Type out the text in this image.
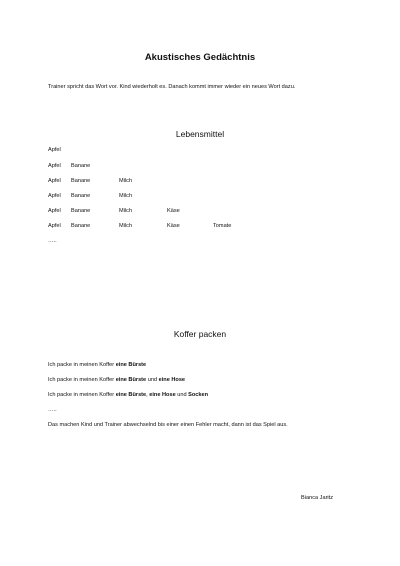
Akustisches Gedächtnis
Trainer spricht das Wort vor. Kind wiederholt es. Danach kommt immer wieder ein neues Wort dazu.
Lebensmittel
Apfel
Apfel Banane
Apfel Banane	Milch
Apfel Banane	Milch
Apfel Banane	Milch	Käse
Apfel Banane	Milch	Käse	Tomate
…..
Koffer packen
Ich packe in meinen Koffer eine Bürste
Ich packe in meinen Koffer eine Bürste und eine Hose
Ich packe in meinen Koffer eine Bürste, eine Hose und Socken
…..
Das machen Kind und Trainer abwechselnd bis einer einen Fehler macht, dann ist das Spiel aus.
Bianca Jaritz
